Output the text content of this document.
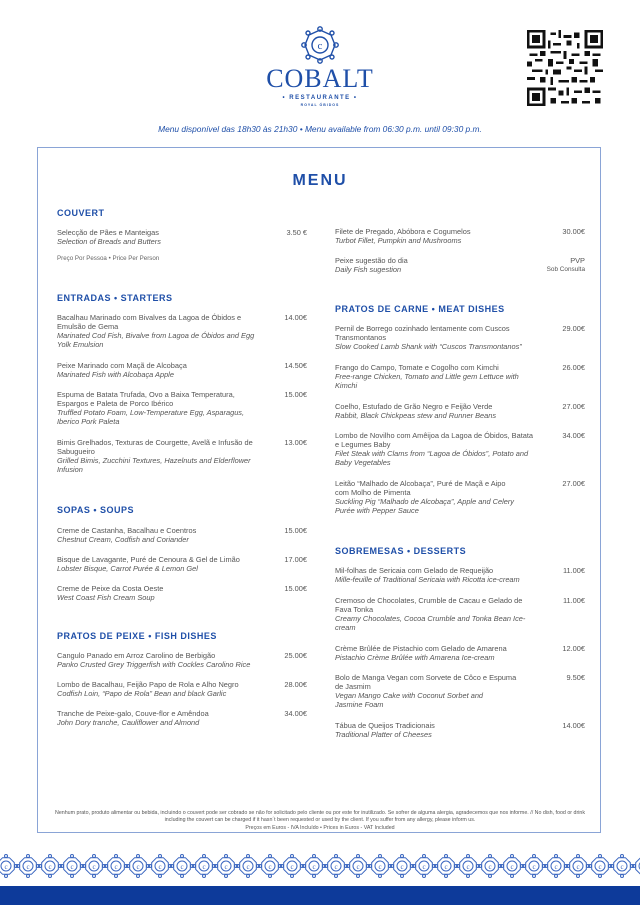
c
COBALT
• RESTAURANTE •
ROYAL ÓBIDOS
Menu disponível das 18h30 às 21h30 • Menu available from 06:30 p.m. until 09:30 p.m.
MENU
COUVERT
Selecção de Pães e Manteigas
Selection of Breads and Butters
3.50 €
Preço Por Pessoa • Price Per Person
ENTRADAS • STARTERS
Bacalhau Marinado com Bivalves da Lagoa de Óbidos e Emulsão de Gema
Marinated Cod Fish, Bivalve from Lagoa de Óbidos and Egg Yolk Emulsion
14.00€
Peixe Marinado com Maçã de Alcobaça
Marinated Fish with Alcobaça Apple
14.50€
Espuma de Batata Trufada, Ovo a Baixa Temperatura, Espargos e Paleta de Porco Ibérico
Truffled Potato Foam, Low-Temperature Egg, Asparagus, Iberico Pork Paleta
15.00€
Bimis Grelhados, Texturas de Courgette, Avelã e Infusão de Sabugueiro
Grilled Bimis, Zucchini Textures, Hazelnuts and Elderflower Infusion
13.00€
SOPAS • SOUPS
Creme de Castanha, Bacalhau e Coentros
Chestnut Cream, Codfish and Coriander
15.00€
Bisque de Lavagante, Puré de Cenoura & Gel de Limão
Lobster Bisque, Carrot Purée & Lemon Gel
17.00€
Creme de Peixe da Costa Oeste
West Coast Fish Cream Soup
15.00€
PRATOS DE PEIXE • FISH DISHES
Cangulo Panado em Arroz Carolino de Berbigão
Panko Crusted Grey Triggerfish with Cockles Carolino Rice
25.00€
Lombo de Bacalhau, Feijão Papo de Rola e Alho Negro
Codfish Loin, “Papo de Rola” Bean and black Garlic
28.00€
Tranche de Peixe-galo, Couve-flor e Amêndoa
John Dory tranche, Cauliflower and Almond
34.00€
Filete de Pregado, Abóbora e Cogumelos
Turbot Fillet, Pumpkin and Mushrooms
30.00€
Peixe sugestão do dia
Daily Fish sugestion
PVP
Sob Consulta
PRATOS DE CARNE • MEAT DISHES
Pernil de Borrego cozinhado lentamente com Cuscos Transmontanos
Slow Cooked Lamb Shank with “Cuscos Transmontanos”
29.00€
Frango do Campo, Tomate e Cogolho com Kimchi
Free-range Chicken, Tomato and Little gem Lettuce with Kimchi
26.00€
Coelho, Estufado de Grão Negro e Feijão Verde
Rabbit, Black Chickpeas stew and Runner Beans
27.00€
Lombo de Novilho com Amêijoa da Lagoa de Óbidos, Batata e Legumes Baby
Filet Steak with Clams from “Lagoa de Óbidos”, Potato and Baby Vegetables
34.00€
Leitão “Malhado de Alcobaça”, Puré de Maçã e Aipo com Molho de Pimenta
Suckling Pig “Malhado de Alcobaça”, Apple and Celery Purée with Pepper Sauce
27.00€
SOBREMESAS • DESSERTS
Mil-folhas de Sericaia com Gelado de Requeijão
Mille-feuille of Traditional Sericaia with Ricotta ice-cream
11.00€
Cremoso de Chocolates, Crumble de Cacau e Gelado de Fava Tonka
Creamy Chocolates, Cocoa Crumble and Tonka Bean Ice-cream
11.00€
Crème Brûlée de Pistachio com Gelado de Amarena
Pistachio Crème Brûlée with Amarena Ice-cream
12.00€
Bolo de Manga Vegan com Sorvete de Côco e Espuma de Jasmim
Vegan Mango Cake with Coconut Sorbet and Jasmine Foam
9.50€
Tábua de Queijos Tradicionais
Traditional Platter of Cheeses
14.00€
Nenhum prato, produto alimentar ou bebida, incluindo o couvert pode ser cobrado se não for solicitado pelo cliente ou por este for inutilizado. Se sofrer de alguma alergia, agradecemos que nos informe. // No dish, food or drink including the couvert can be charged if it hasn´t been requested or used by the client. If you suffer from any allergy, please inform us.
Preços em Euros - IVA Incluído • Prices in Euros - VAT Included
c	c	c	c	c	c	c	c	c	c	c	c	c	c	c	c	c	c	c	c	c	c	c	c	c	c	c	c	c
